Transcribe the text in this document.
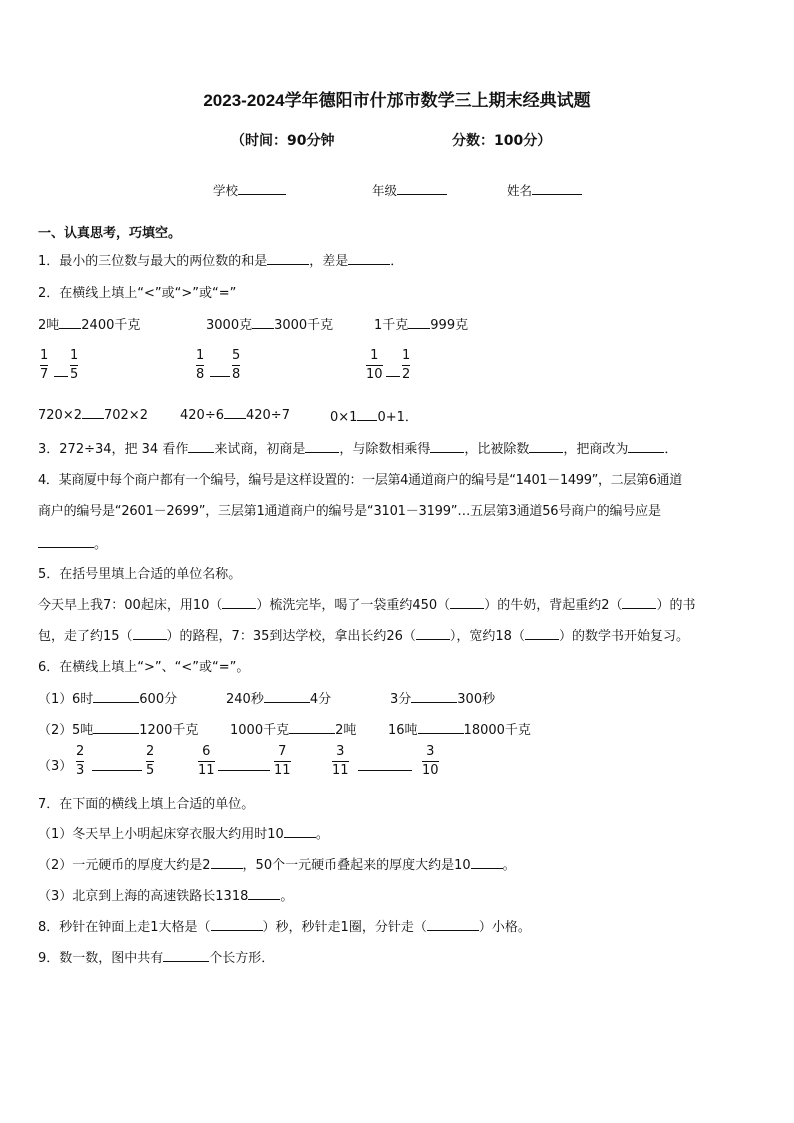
2023-2024学年德阳市什邡市数学三上期末经典试题
（时间：90分钟	分数：100分）
学校	年级	姓名
一、认真思考，巧填空。
1．最小的三位数与最大的两位数的和是	，差是	．
2．在横线上填上“<”或“>”或“=”
2吨 2400千克	3000克 3000千克	1千克 999克
1
7
1
5
1
8
5
8
1
10
1
2
720×2 702×2 420÷6 420÷7	0×1 0+1．
3．272÷34，把 34 看作 来试商，初商是	，与除数相乘得	，比被除数	，把商改为	．
4．某商厦中每个商户都有一个编号，编号是这样设置的：一层第4通道商户的编号是“1401－1499”，二层第6通道
商户的编号是“2601－2699”，三层第1通道商户的编号是“3101－3199”…五层第3通道56号商户的编号应是
。
5．在括号里填上合适的单位名称。
今天早上我7：00起床，用10（	）梳洗完毕，喝了一袋重约450（	）的牛奶，背起重约2（	）的书
包，走了约15（	）的路程，7：35到达学校，拿出长约26（	），宽约18（	）的数学书开始复习。
6．在横线上填上“>”、“<”或“=”。
（1） 6时	600分	240秒	4分	3分	300秒
（2） 5吨	1200千克 1000千克	2吨 16吨	18000千克
（3）
2
3
2
5
6
11
7
11
3
11
3
10
7．在下面的横线上填上合适的单位。
（1）冬天早上小明起床穿衣服大约用时10 。
（2）一元硬币的厚度大约是2 ，50个一元硬币叠起来的厚度大约是10 。
（3）北京到上海的高速铁路长1318 。
8．秒针在钟面上走1大格是（	）秒，秒针走1圈，分针走（	）小格。
9．数一数，图中共有	个长方形．
